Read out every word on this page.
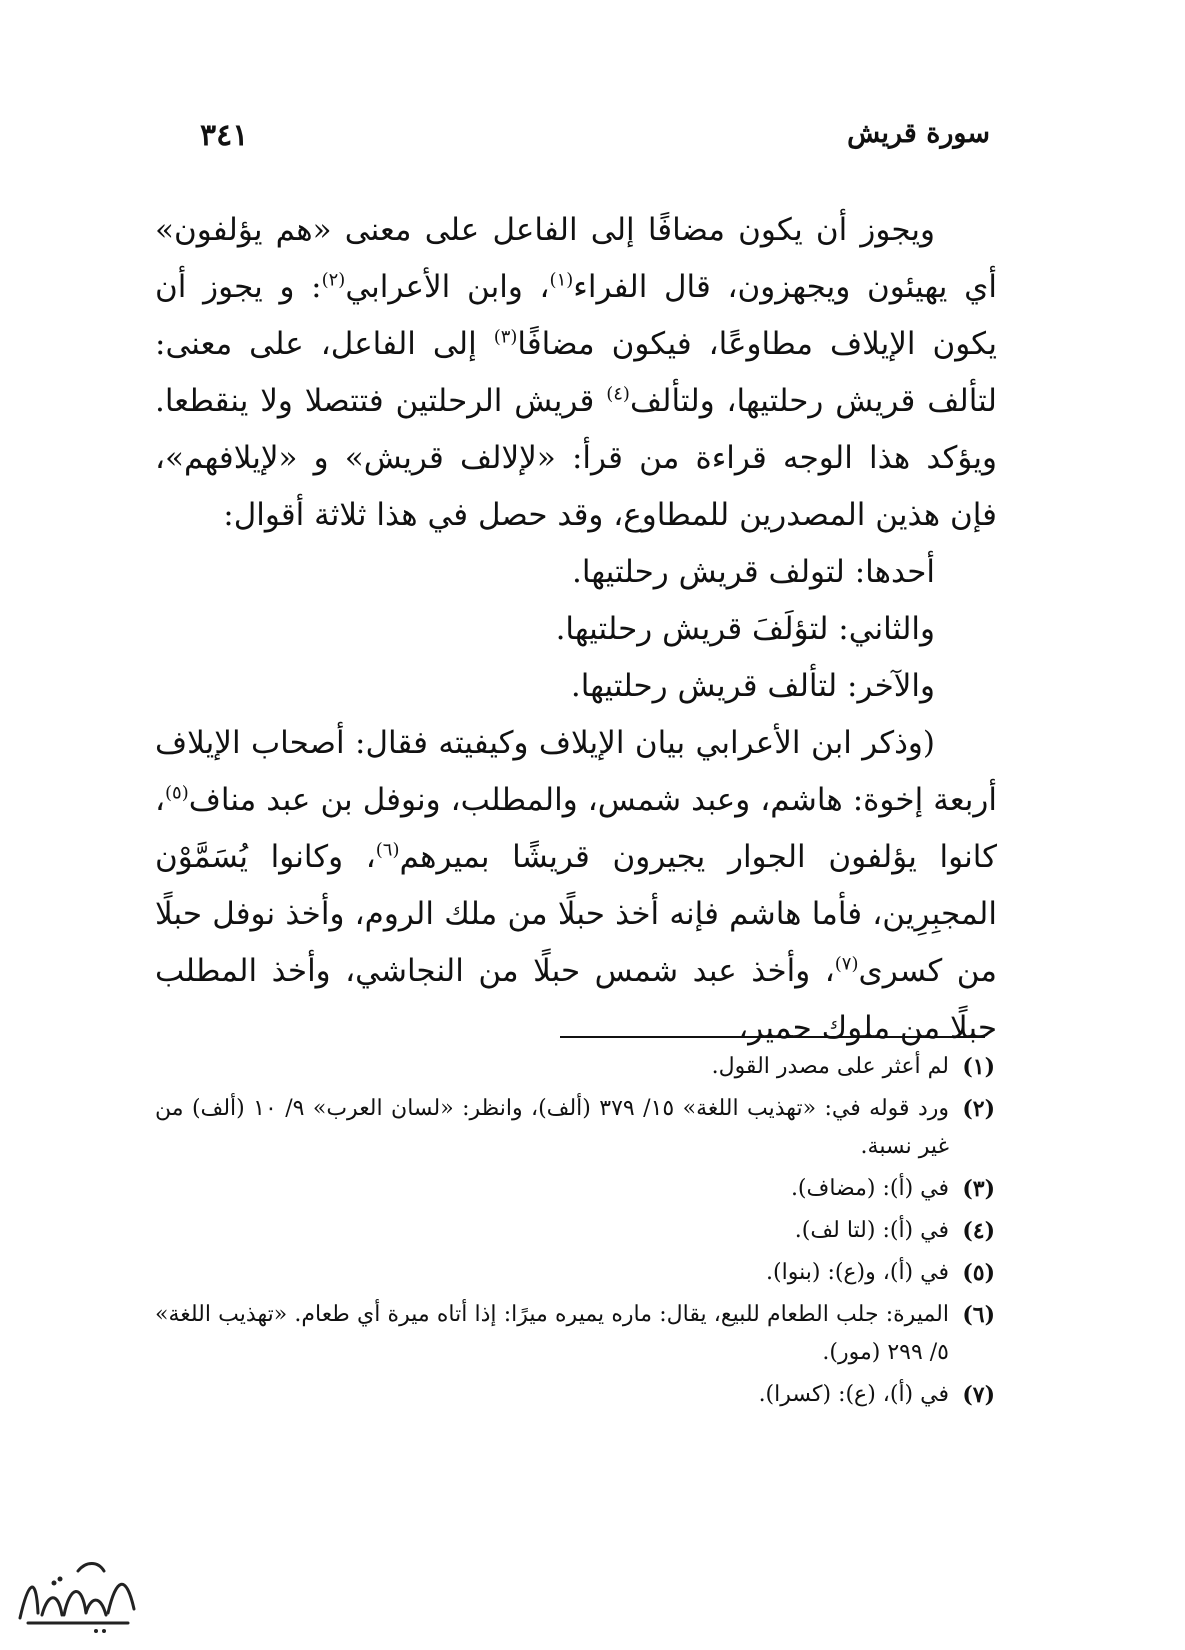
سورة قريش
٣٤١

ويجوز أن يكون مضافًا إلى الفاعل على معنى «هم يؤلفون» أي يهيئون ويجهزون، قال الفراء$^{(١)}$، وابن الأعرابي$^{(٢)}$: و يجوز أن يكون الإيلاف مطاوعًا، فيكون مضافًا$^{(٣)}$ إلى الفاعل، على معنى: لتألف قريش رحلتيها، ولتألف$^{(٤)}$ قريش الرحلتين فتتصلا ولا ينقطعا. ويؤكد هذا الوجه قراءة من قرأ: «لإلالف قريش» و «لإيلافهم»، فإن هذين المصدرين للمطاوع، وقد حصل في هذا ثلاثة أقوال:

أحدها: لتولف قريش رحلتيها.

والثاني: لتؤلَفَ قريش رحلتيها.

والآخر: لتألف قريش رحلتيها.

(وذكر ابن الأعرابي بيان الإيلاف وكيفيته فقال: أصحاب الإيلاف أربعة إخوة: هاشم، وعبد شمس، والمطلب، ونوفل بن عبد مناف$^{(٥)}$، كانوا يؤلفون الجوار يجيرون قريشًا بميرهم$^{(٦)}$، وكانوا يُسَمَّوْن المجبِرِين، فأما هاشم فإنه أخذ حبلًا من ملك الروم، وأخذ نوفل حبلًا من كسرى$^{(٧)}$، وأخذ عبد شمس حبلًا من النجاشي، وأخذ المطلب حبلًا من ملوك حمير،

(١)
لم أعثر على مصدر القول.
(٢)
ورد قوله في: «تهذيب اللغة» ١٥/ ٣٧٩ (ألف)، وانظر: «لسان العرب» ٩/ ١٠ (ألف) من غير نسبة.
(٣)
في (أ): (مضاف).
(٤)
في (أ): (لتا لف).
(٥)
في (أ)، و(ع): (بنوا).
(٦)
الميرة: جلب الطعام للبيع، يقال: ماره يميره ميرًا: إذا أتاه ميرة أي طعام. «تهذيب اللغة» ٥/ ٢٩٩ (مور).
(٧)
في (أ)، (ع): (كسرا).
